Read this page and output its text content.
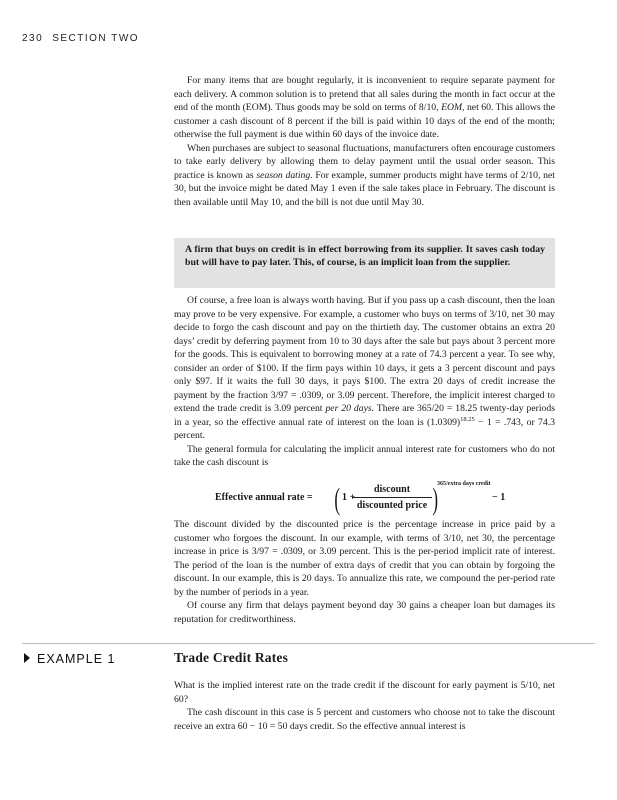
230 SECTION TWO

For many items that are bought regularly, it is inconvenient to require separate payment for each delivery. A common solution is to pretend that all sales during the month in fact occur at the end of the month (EOM). Thus goods may be sold on terms of 8/10, EOM, net 60. This allows the customer a cash discount of 8 percent if the bill is paid within 10 days of the end of the month; otherwise the full payment is due within 60 days of the invoice date.

When purchases are subject to seasonal fluctuations, manufacturers often encourage customers to take early delivery by allowing them to delay payment until the usual order season. This practice is known as season dating. For example, summer products might have terms of 2/10, net 30, but the invoice might be dated May 1 even if the sale takes place in February. The discount is then available until May 10, and the bill is not due until May 30.

A firm that buys on credit is in effect borrowing from its supplier. It saves cash today but will have to pay later. This, of course, is an implicit loan from the supplier.

Of course, a free loan is always worth having. But if you pass up a cash discount, then the loan may prove to be very expensive. For example, a customer who buys on terms of 3/10, net 30 may decide to forgo the cash discount and pay on the thirtieth day. The customer obtains an extra 20 days’ credit by deferring payment from 10 to 30 days after the sale but pays about 3 percent more for the goods. This is equivalent to borrowing money at a rate of 74.3 percent a year. To see why, consider an order of $100. If the firm pays within 10 days, it gets a 3 percent discount and pays only $97. If it waits the full 30 days, it pays $100. The extra 20 days of credit increase the payment by the fraction 3/97 = .0309, or 3.09 percent. Therefore, the implicit interest charged to extend the trade credit is 3.09 percent per 20 days. There are 365/20 = 18.25 twenty-day periods in a year, so the effective annual rate of interest on the loan is $(1.0309)^{18.25} - 1 = .743$, or 74.3 percent.

The general formula for calculating the implicit annual interest rate for customers who do not take the cash discount is

Effective annual rate = ( 1 +
discount
discounted price )
365/extra days credit
− 1

The discount divided by the discounted price is the percentage increase in price paid by a customer who forgoes the discount. In our example, with terms of 3/10, net 30, the percentage increase in price is 3/97 = .0309, or 3.09 percent. This is the per-period implicit rate of interest. The period of the loan is the number of extra days of credit that you can obtain by forgoing the discount. In our example, this is 20 days. To annualize this rate, we compound the per-period rate by the number of periods in a year.

Of course any firm that delays payment beyond day 30 gains a cheaper loan but damages its reputation for creditworthiness.

EXAMPLE 1	Trade Credit Rates

What is the implied interest rate on the trade credit if the discount for early payment is 5/10, net 60?

The cash discount in this case is 5 percent and customers who choose not to take the discount receive an extra 60 − 10 = 50 days credit. So the effective annual interest is
